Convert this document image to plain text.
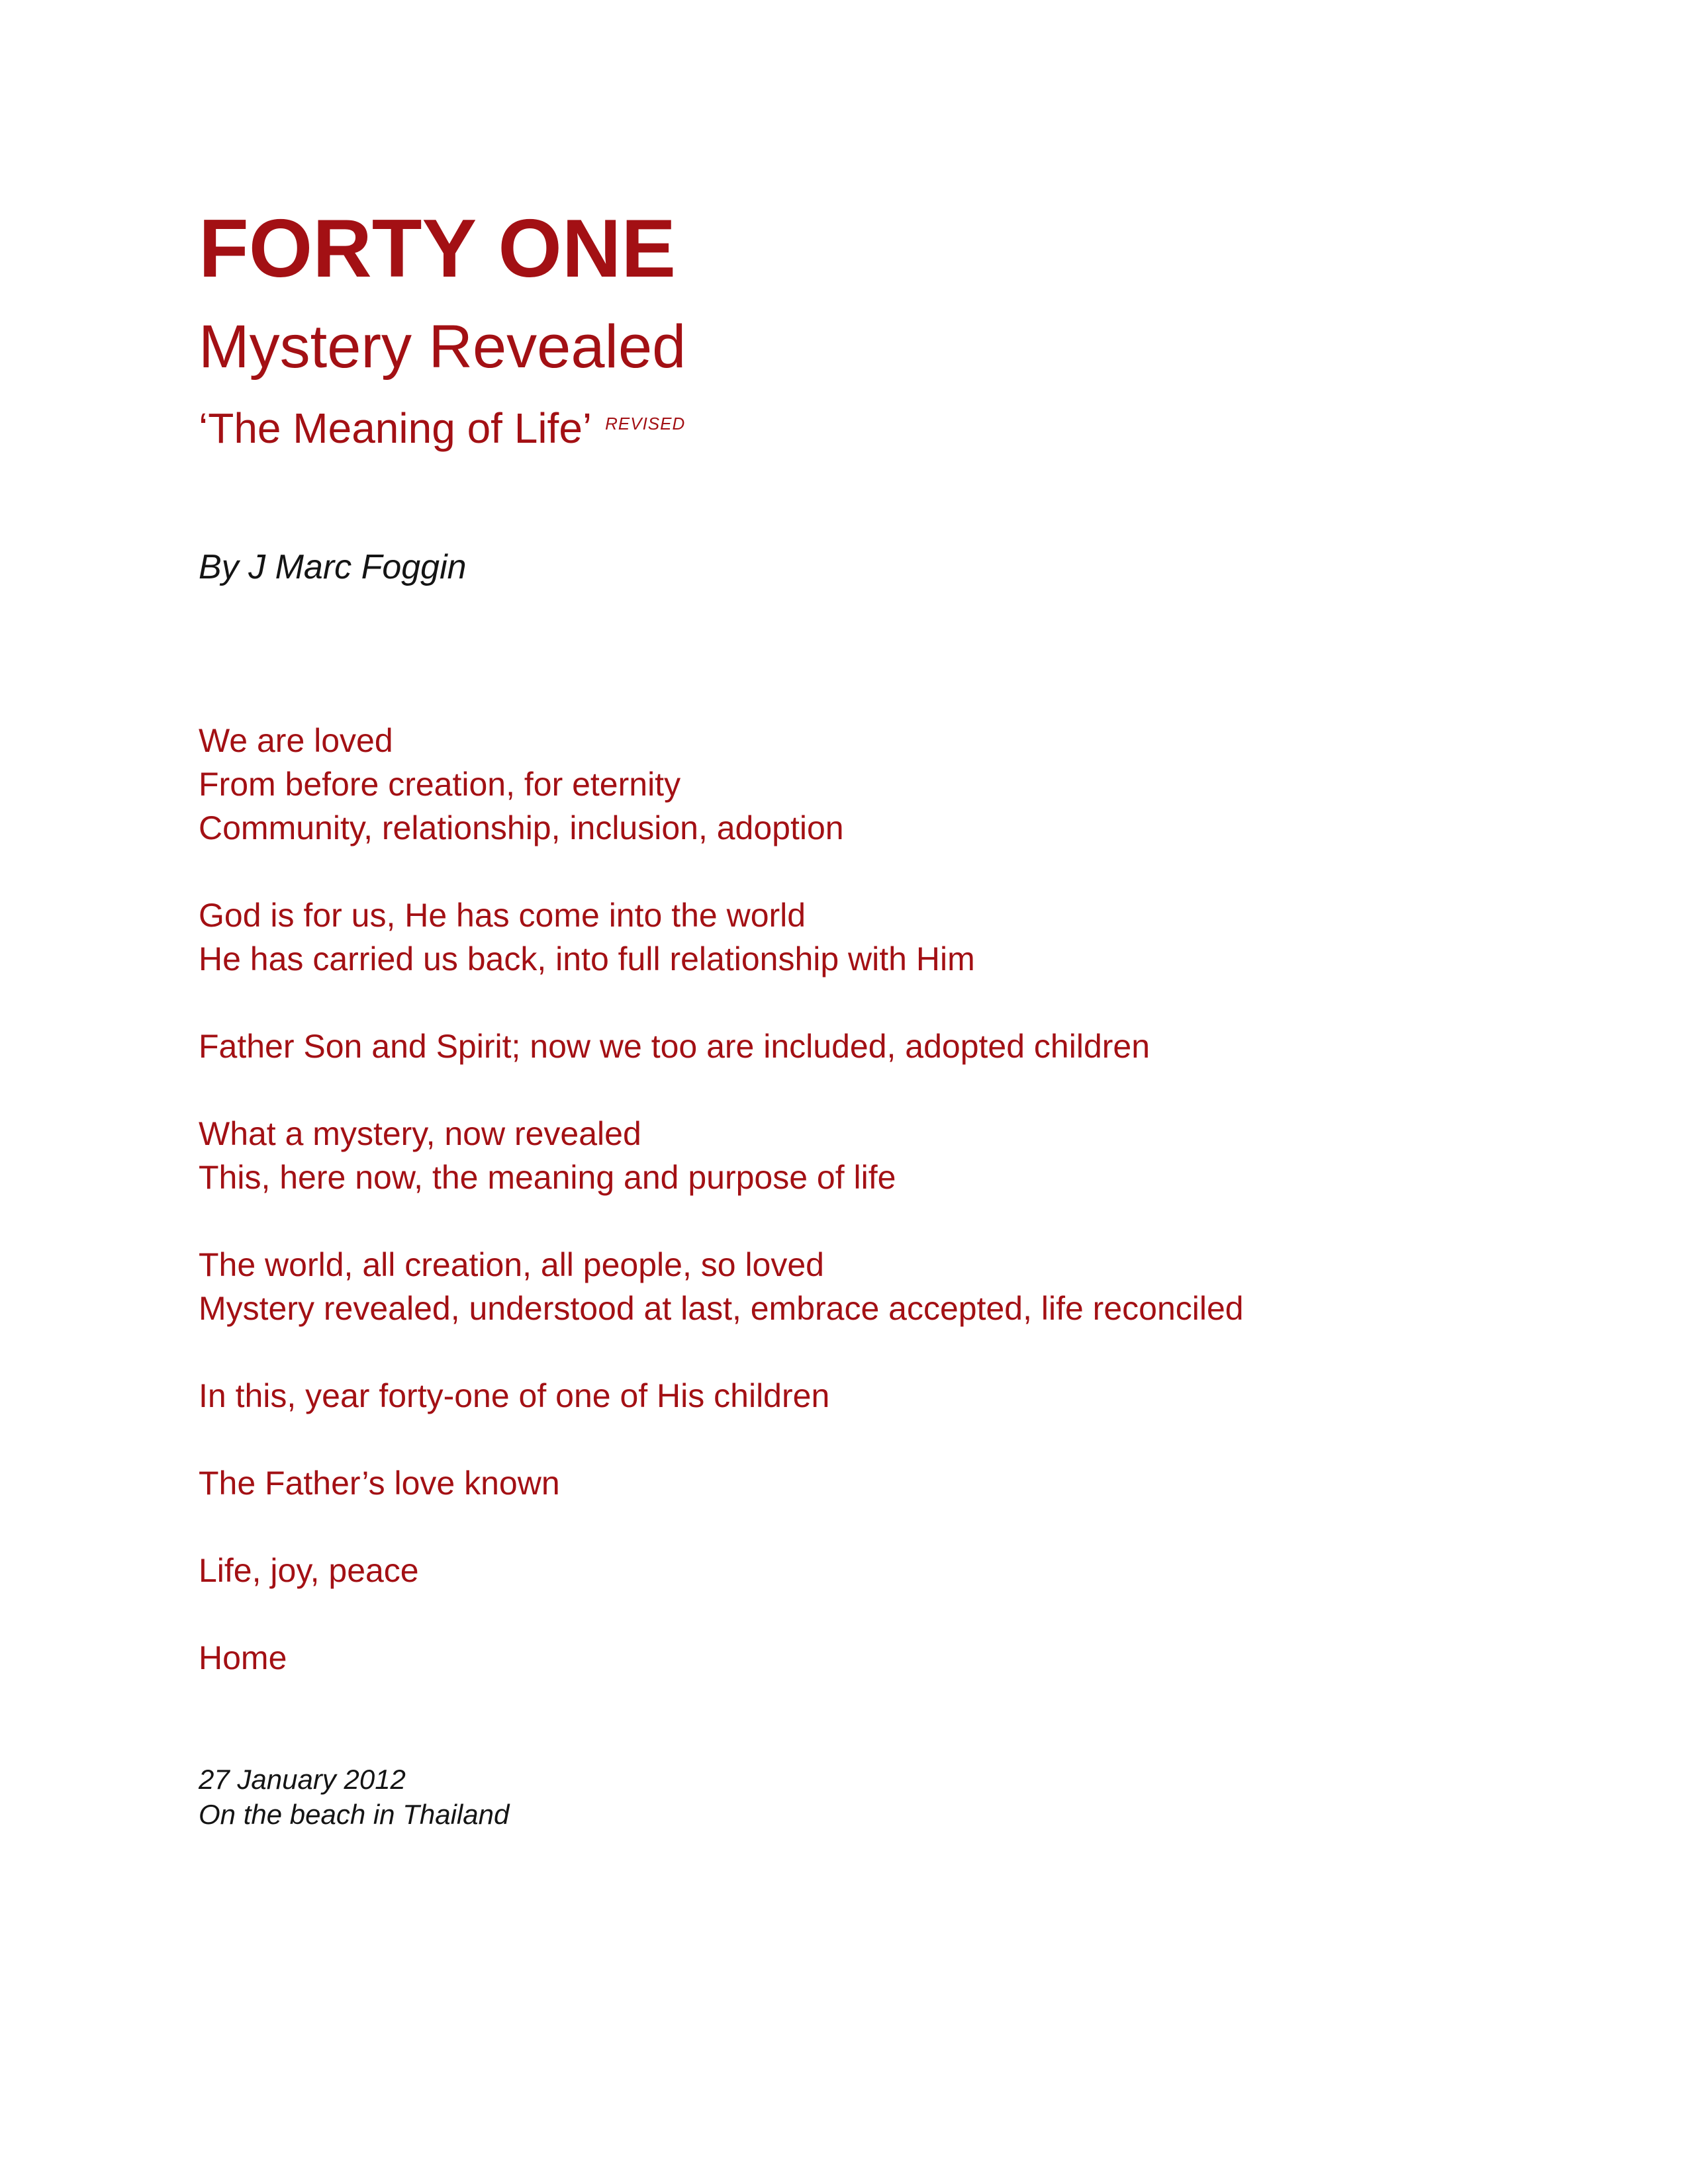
FORTY ONE
Mystery Revealed
‘The Meaning of Life’ $^{REVISED}$
By J Marc Foggin

We are loved
From before creation, for eternity
Community, relationship, inclusion, adoption

God is for us, He has come into the world
He has carried us back, into full relationship with Him

Father Son and Spirit; now we too are included, adopted children

What a mystery, now revealed
This, here now, the meaning and purpose of life

The world, all creation, all people, so loved
Mystery revealed, understood at last, embrace accepted, life reconciled

In this, year forty-one of one of His children

The Father’s love known

Life, joy, peace

Home

27 January 2012
On the beach in Thailand
